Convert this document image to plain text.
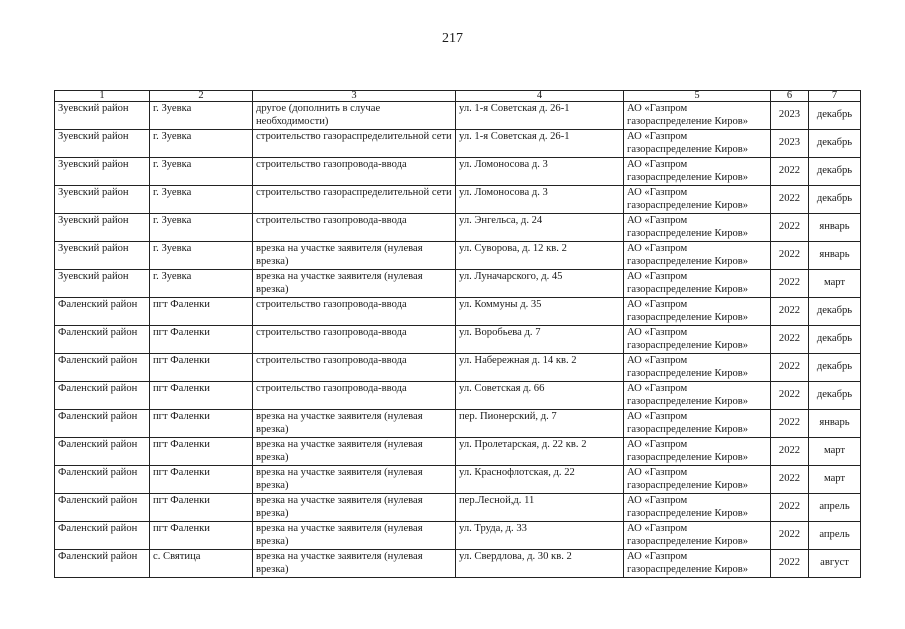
217
1	2	3	4	5	6	7
Зуевский район	г. Зуевка	другое (дополнить в случае необходимости)	ул. 1-я Советская д. 26-1	АО «Газпром газораспределение Киров»	2023	декабрь
Зуевский район	г. Зуевка	строительство газораспределительной сети	ул. 1-я Советская д. 26-1	АО «Газпром газораспределение Киров»	2023	декабрь
Зуевский район	г. Зуевка	строительство газопровода-ввода	ул. Ломоносова д. 3	АО «Газпром газораспределение Киров»	2022	декабрь
Зуевский район	г. Зуевка	строительство газораспределительной сети	ул. Ломоносова д. 3	АО «Газпром газораспределение Киров»	2022	декабрь
Зуевский район	г. Зуевка	строительство газопровода-ввода	ул. Энгельса, д. 24	АО «Газпром газораспределение Киров»	2022	январь
Зуевский район	г. Зуевка	врезка на участке заявителя (нулевая врезка)	ул. Суворова, д. 12 кв. 2	АО «Газпром газораспределение Киров»	2022	январь
Зуевский район	г. Зуевка	врезка на участке заявителя (нулевая врезка)	ул. Луначарского, д. 45	АО «Газпром газораспределение Киров»	2022	март
Фаленский район	пгт Фаленки	строительство газопровода-ввода	ул. Коммуны д. 35	АО «Газпром газораспределение Киров»	2022	декабрь
Фаленский район	пгт Фаленки	строительство газопровода-ввода	ул. Воробьева д. 7	АО «Газпром газораспределение Киров»	2022	декабрь
Фаленский район	пгт Фаленки	строительство газопровода-ввода	ул. Набережная д. 14 кв. 2	АО «Газпром газораспределение Киров»	2022	декабрь
Фаленский район	пгт Фаленки	строительство газопровода-ввода	ул. Советская д. 66	АО «Газпром газораспределение Киров»	2022	декабрь
Фаленский район	пгт Фаленки	врезка на участке заявителя (нулевая врезка)	пер. Пионерский, д. 7	АО «Газпром газораспределение Киров»	2022	январь
Фаленский район	пгт Фаленки	врезка на участке заявителя (нулевая врезка)	ул. Пролетарская, д. 22 кв. 2	АО «Газпром газораспределение Киров»	2022	март
Фаленский район	пгт Фаленки	врезка на участке заявителя (нулевая врезка)	ул. Краснофлотская, д. 22	АО «Газпром газораспределение Киров»	2022	март
Фаленский район	пгт Фаленки	врезка на участке заявителя (нулевая врезка)	пер.Лесной,д. 11	АО «Газпром газораспределение Киров»	2022	апрель
Фаленский район	пгт Фаленки	врезка на участке заявителя (нулевая врезка)	ул. Труда, д. 33	АО «Газпром газораспределение Киров»	2022	апрель
Фаленский район	с. Святица	врезка на участке заявителя (нулевая врезка)	ул. Свердлова, д. 30 кв. 2	АО «Газпром газораспределение Киров»	2022	август
